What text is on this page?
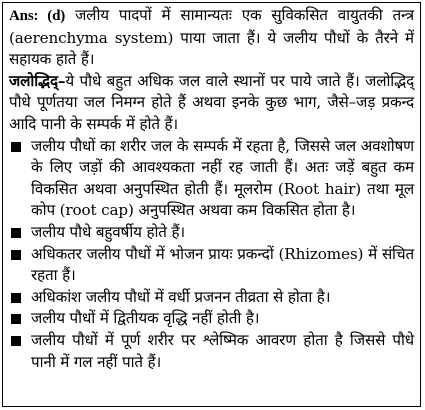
Ans: (d) जलीय पादपों में सामान्यतः एक सुविकसित वायुतकी तन्त्र (aerenchyma system) पाया जाता हैं। ये जलीय पौधों के तैरने में सहायक हाते हैं।

जलोद्भिद्–ये पौधे बहुत अधिक जल वाले स्थानों पर पाये जाते हैं। जलोद्भिद् पौधे पूर्णतया जल निमग्न होते हैं अथवा इनके कुछ भाग, जैसे–जड़ प्रकन्द आदि पानी के सम्पर्क में होते हैं।

जलीय पौधों का शरीर जल के सम्पर्क में रहता है, जिससे जल अवशोषण के लिए जड़ों की आवश्यकता नहीं रह जाती हैं। अतः जड़ें बहुत कम विकसित अथवा अनुपस्थित होती हैं। मूलरोम (Root hair) तथा मूल कोप (root cap) अनुपस्थित अथवा कम विकसित होता है।
जलीय पौधे बहुवर्षीय होते हैं।
अधिकतर जलीय पौधों में भोजन प्रायः प्रकन्दों (Rhizomes) में संचित रहता हैं।
अधिकांश जलीय पौधों में वर्धी प्रजनन तीव्रता से होता है।
जलीय पौधों में द्वितीयक वृद्धि नहीं होती है।
जलीय पौधों में पूर्ण शरीर पर श्लेष्मिक आवरण होता है जिससे पौधे पानी में गल नहीं पाते हैं।
